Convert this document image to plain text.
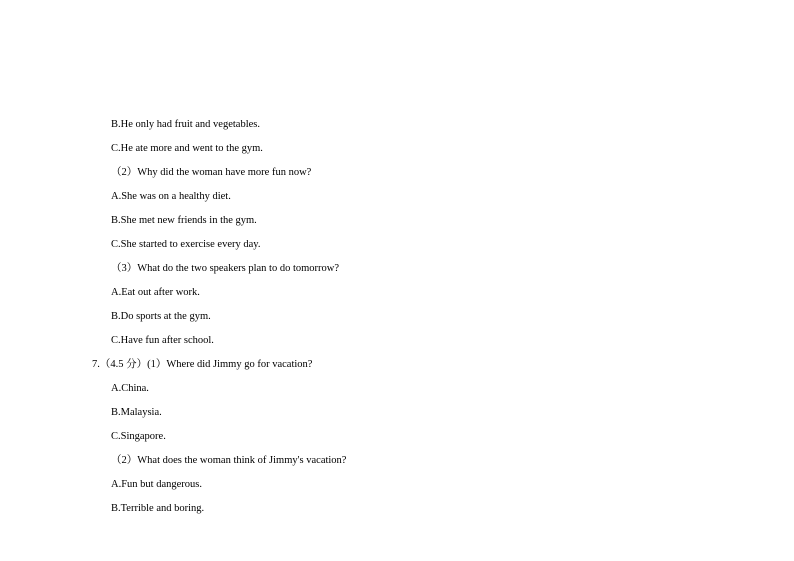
B.He only had fruit and vegetables.
C.He ate more and went to the gym.
（2）Why did the woman have more fun now?
A.She was on a healthy diet.
B.She met new friends in the gym.
C.She started to exercise every day.
（3）What do the two speakers plan to do tomorrow?
A.Eat out after work.
B.Do sports at the gym.
C.Have fun after school.
7.（4.5 分）(1）Where did Jimmy go for vacation?
A.China.
B.Malaysia.
C.Singapore.
（2）What does the woman think of Jimmy's vacation?
A.Fun but dangerous.
B.Terrible and boring.
